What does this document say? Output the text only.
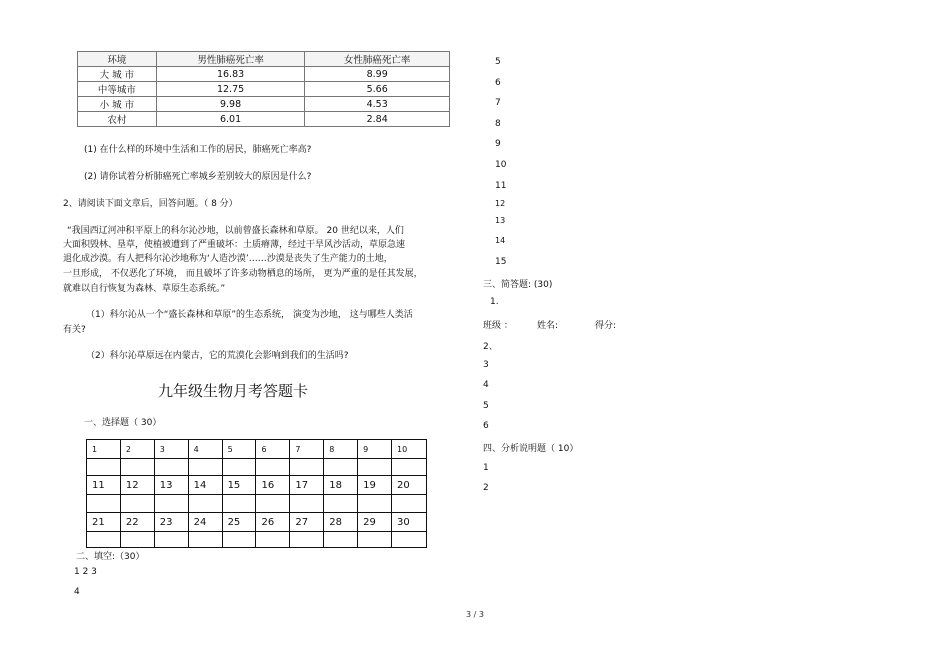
环境	男性肺癌死亡率	女性肺癌死亡率
大 城 市	16.83	8.99
中等城市	12.75	5.66
小 城 市	9.98	4.53
农村	6.01	2.84
(1) 在什么样的环境中生活和工作的居民，肺癌死亡率高?
(2) 请你试着分析肺癌死亡率城乡差别较大的原因是什么?
2、请阅读下面文章后，回答问题。（ 8 分）
“我国西辽河冲积平原上的科尔沁沙地，以前曾盛长森林和草原。 20 世纪以来，人们
大面积毁林、垦草，使植被遭到了严重破坏：土质瘠薄，经过干旱风沙活动，草原急速
退化成沙漠。有人把科尔沁沙地称为‘人造沙漠’……沙漠是丧失了生产能力的土地，
一旦形成， 不仅恶化了环境， 而且破坏了许多动物栖息的场所， 更为严重的是任其发展，
就难以自行恢复为森林、草原生态系统。”
（1）科尔沁从一个“盛长森林和草原”的生态系统， 演变为沙地， 这与哪些人类活
有关?
（2）科尔沁草原远在内蒙古，它的荒漠化会影响到我们的生活吗?
九年级生物月考答题卡
一、选择题（ 30）
1	2	3	4	5	6	7	8	9	10

11	12	13	14	15	16	17	18	19	20

21	22	23	24	25	26	27	28	29	30

二、填空:（30）
1 2 3
4
5
6
7
8
9
10
11
12
13
14
15
三、简答题: (30)
1.
班级 ：	姓名:	得分:
2、
3
4
5
6
四、分析说明题（ 10）
1
2
3 / 3
